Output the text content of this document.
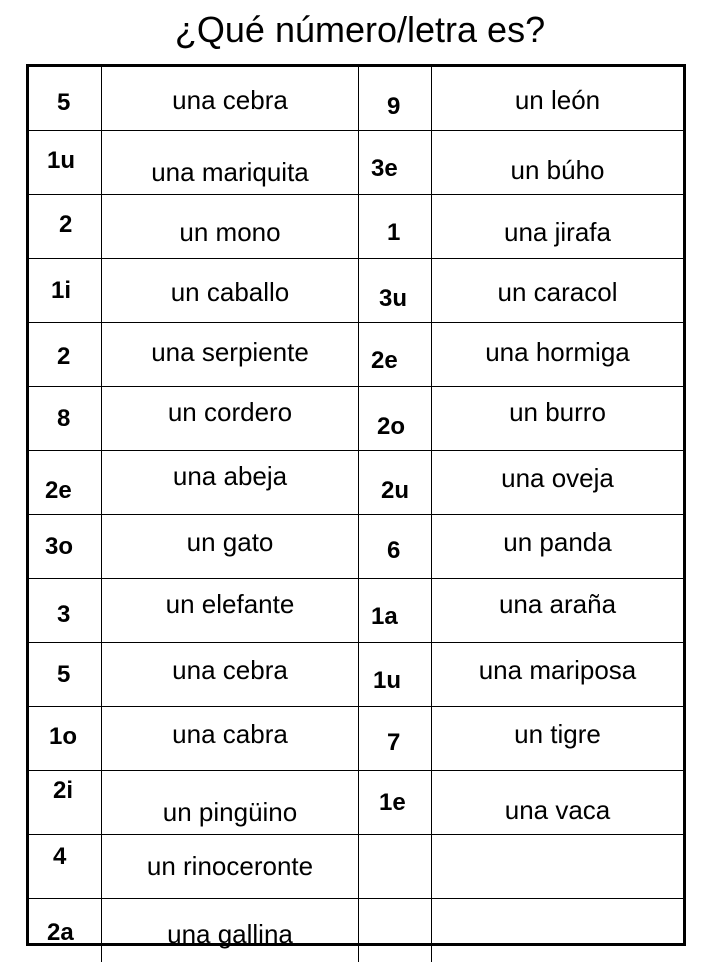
¿Qué número/letra es?
5	una cebra	9	un león

1u	una mariquita	3e	un búho

2	un mono	1	una jirafa

1i	un caballo	3u	un caracol

2	una serpiente	2e	una hormiga

8	un cordero	2o	un burro

2e	una abeja	2u	una oveja

3o	un gato	6	un panda

3	un elefante	1a	una araña

5	una cebra	1u	una mariposa

1o	una cabra	7	un tigre

2i	un pingüino	1e	una vaca

4	un rinoceronte		

2a	una gallina		
